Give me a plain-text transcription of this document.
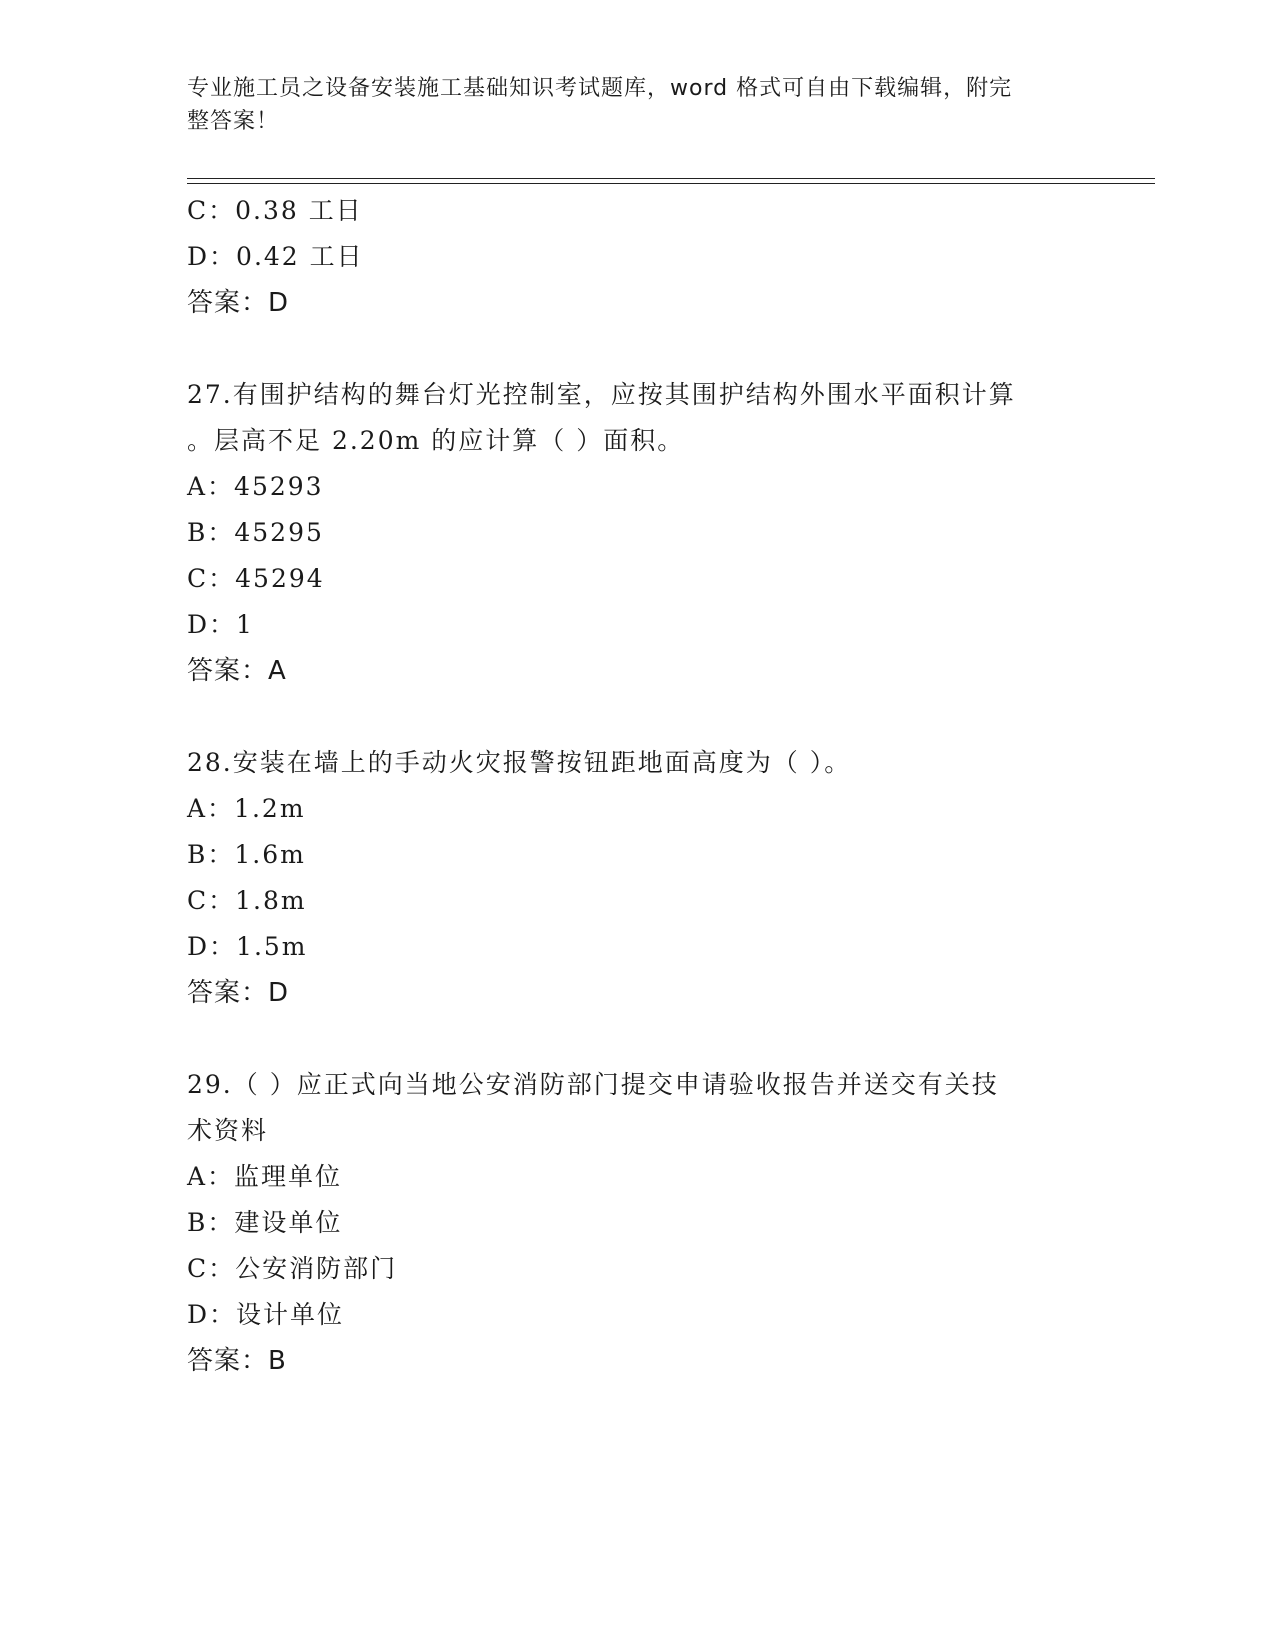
专业施工员之设备安装施工基础知识考试题库，word 格式可自由下载编辑，附完
整答案！
C：0.38 工日
D：0.42 工日
答案：D
27.有围护结构的舞台灯光控制室，应按其围护结构外围水平面积计算
。层高不足 2.20m 的应计算（ ）面积。
A：45293
B：45295
C：45294
D：1
答案：A
28.安装在墙上的手动火灾报警按钮距地面高度为（ ）。
A：1.2m
B：1.6m
C：1.8m
D：1.5m
答案：D
29.（ ）应正式向当地公安消防部门提交申请验收报告并送交有关技
术资料
A：监理单位
B：建设单位
C：公安消防部门
D：设计单位
答案：B
